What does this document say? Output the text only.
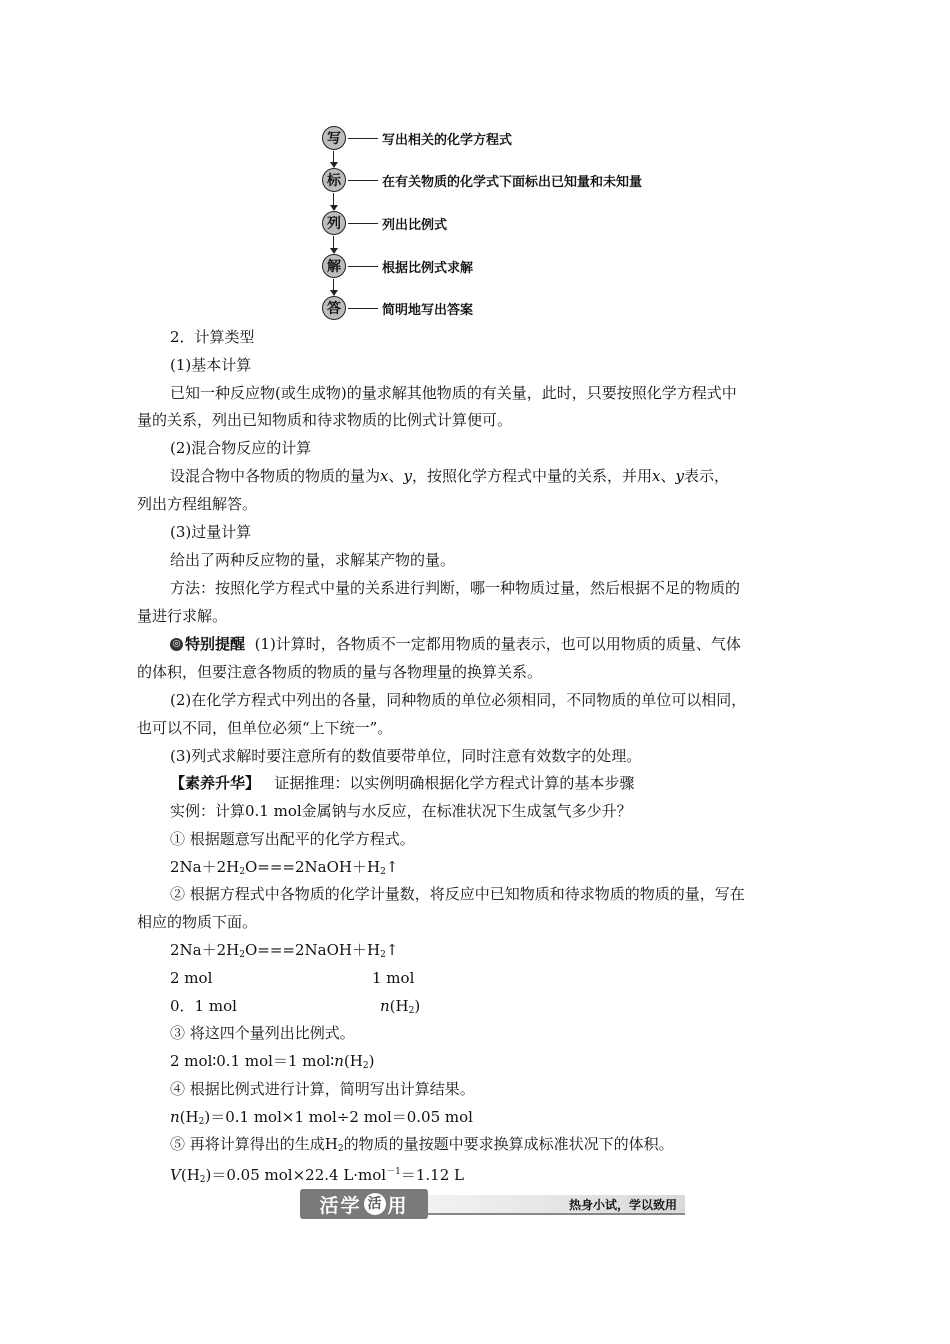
写	写出相关的化学方程式
标	在有关物质的化学式下面标出已知量和未知量
列	列出比例式
解	根据比例式求解
答	简明地写出答案
2．计算类型
(1)基本计算
已知一种反应物(或生成物)的量求解其他物质的有关量，此时，只要按照化学方程式中
量的关系，列出已知物质和待求物质的比例式计算便可。
(2)混合物反应的计算
设混合物中各物质的物质的量为x、y，按照化学方程式中量的关系，并用x、y表示，
列出方程组解答。
(3)过量计算
给出了两种反应物的量，求解某产物的量。
方法：按照化学方程式中量的关系进行判断，哪一种物质过量，然后根据不足的物质的
量进行求解。
◎ 特别提醒 (1)计算时，各物质不一定都用物质的量表示，也可以用物质的质量、气体
的体积，但要注意各物质的物质的量与各物理量的换算关系。
(2)在化学方程式中列出的各量，同种物质的单位必须相同，不同物质的单位可以相同，
也可以不同，但单位必须“上下统一”。
(3)列式求解时要注意所有的数值要带单位，同时注意有效数字的处理。
【素养升华】 证据推理：以实例明确根据化学方程式计算的基本步骤
实例：计算0.1 mol金属钠与水反应，在标准状况下生成氢气多少升？
① 根据题意写出配平的化学方程式。
$2Na+2H_2O===2NaOH+H_2↑$
② 根据方程式中各物质的化学计量数，将反应中已知物质和待求物质的物质的量，写在
相应的物质下面。
$2Na+2H_2O===2NaOH+H_2↑$
2 mol	1 mol
0．1 mol	$n(H_2)$
③ 将这四个量列出比例式。
2 mol∶0.1 mol＝1 $mol∶n(H_2)$
④ 根据比例式进行计算，简明写出计算结果。
$n(H_2)=0.1$ mol×1 mol÷2 mol＝0.05 mol
⑤ 再将计算得出的生成$H_2$的物质的量按题中要求换算成标准状况下的体积。
$V(H_2)=0.05$ mol×22.4 L·mol$^{-1}$＝1.12 L
活学 活 用	热身小试，学以致用
